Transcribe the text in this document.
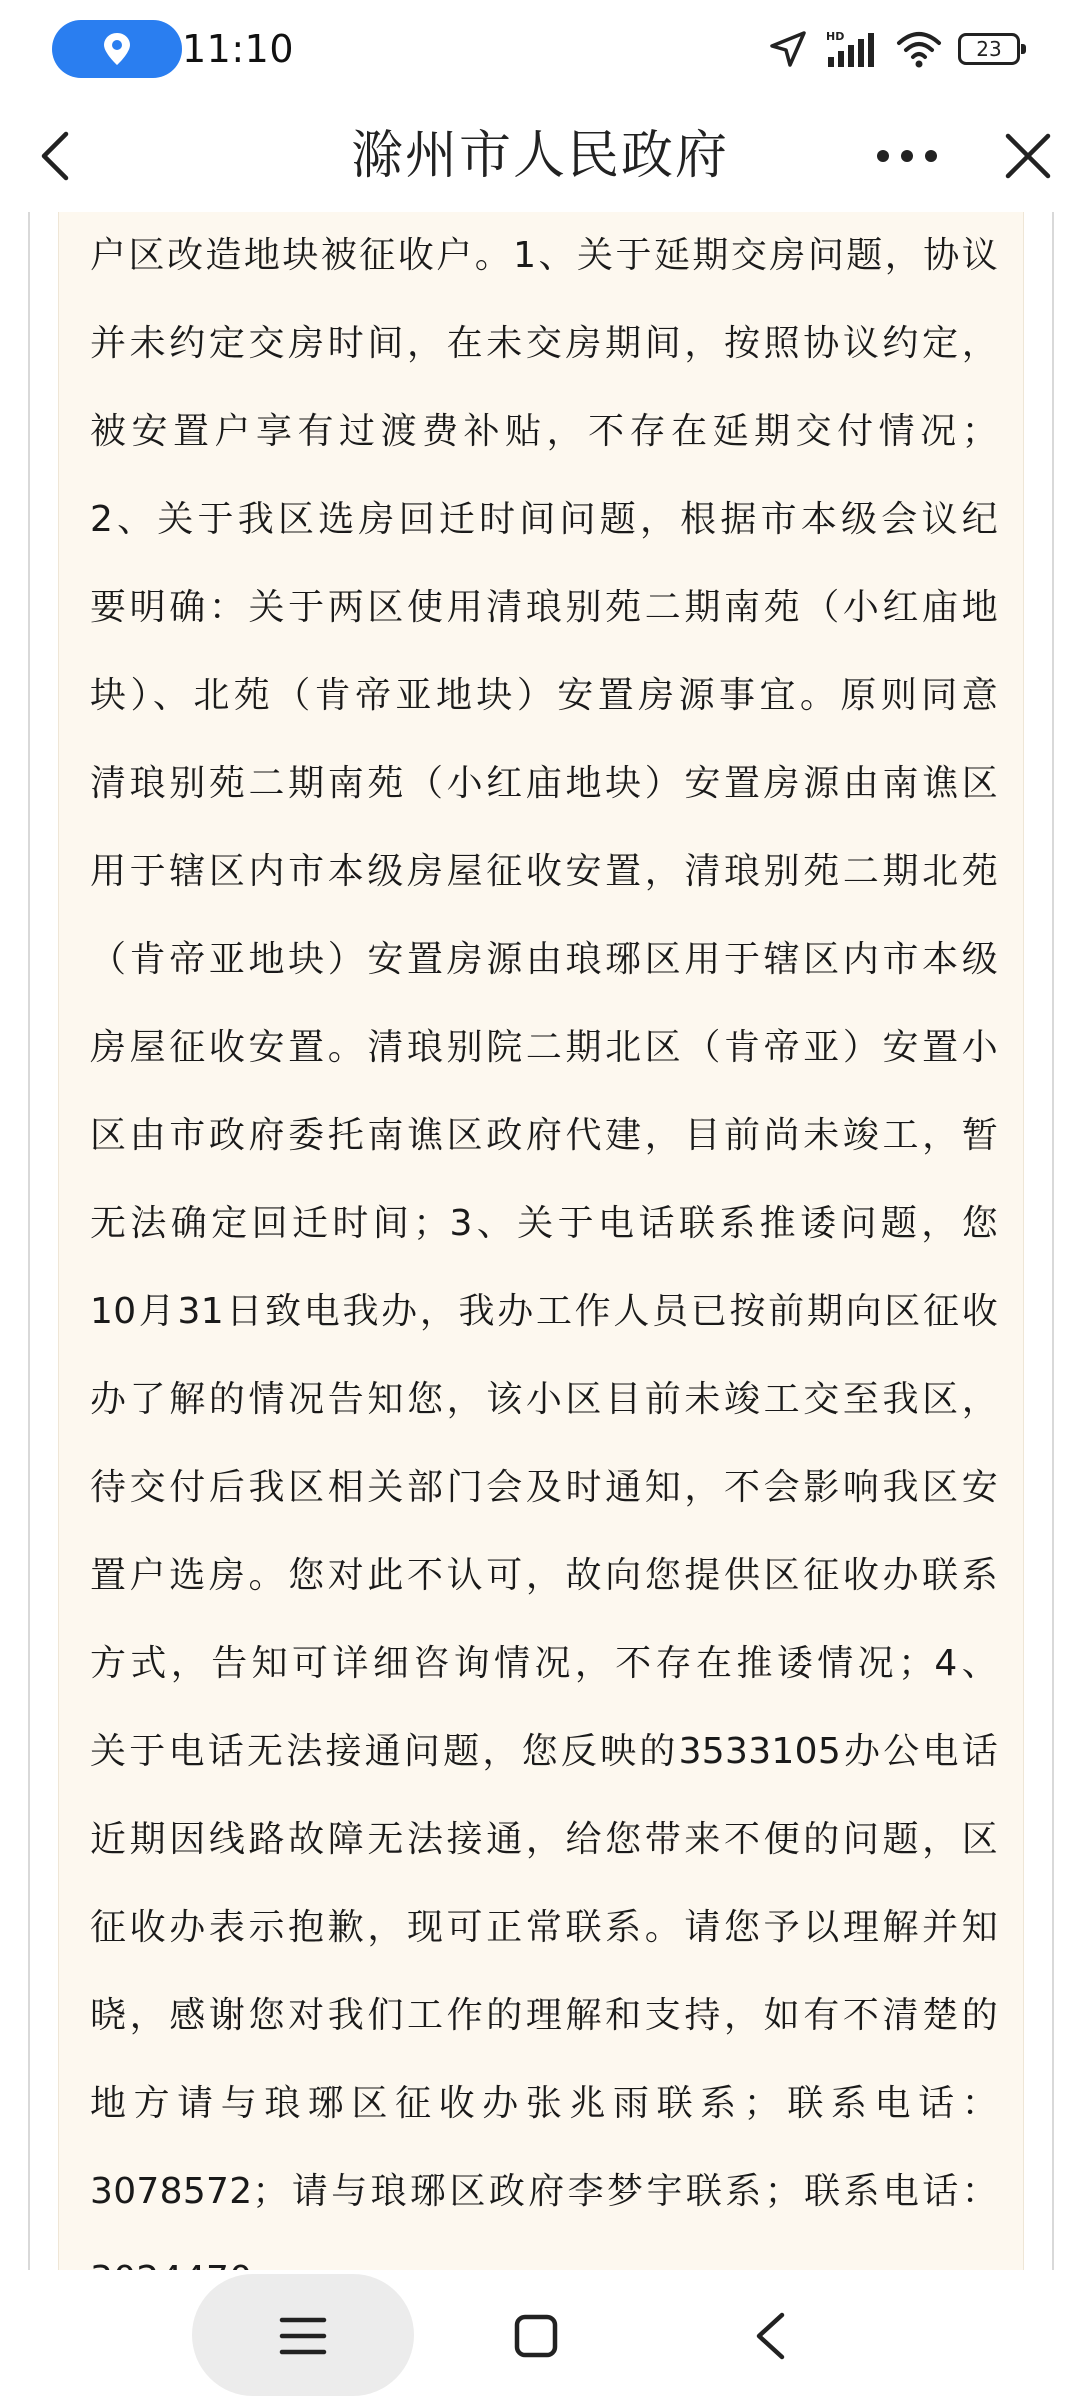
11:10	HD
23
滁州市人民政府
户区改造地块被征收户。1、关于延期交房问题，协议
并未约定交房时间，在未交房期间，按照协议约定，
被安置户享有过渡费补贴，不存在延期交付情况；
2、关于我区选房回迁时间问题，根据市本级会议纪
要明确：关于两区使用清琅别苑二期南苑（小红庙地
块）、北苑（肯帝亚地块）安置房源事宜。原则同意
清琅别苑二期南苑（小红庙地块）安置房源由南谯区
用于辖区内市本级房屋征收安置，清琅别苑二期北苑
（肯帝亚地块）安置房源由琅琊区用于辖区内市本级
房屋征收安置。清琅别院二期北区（肯帝亚）安置小
区由市政府委托南谯区政府代建，目前尚未竣工，暂
无法确定回迁时间；3、关于电话联系推诿问题，您
10月31日致电我办，我办工作人员已按前期向区征收
办了解的情况告知您，该小区目前未竣工交至我区，
待交付后我区相关部门会及时通知，不会影响我区安
置户选房。您对此不认可，故向您提供区征收办联系
方式，告知可详细咨询情况，不存在推诿情况；4、
关于电话无法接通问题，您反映的3533105办公电话
近期因线路故障无法接通，给您带来不便的问题，区
征收办表示抱歉，现可正常联系。请您予以理解并知
晓，感谢您对我们工作的理解和支持，如有不清楚的
地方请与琅琊区征收办张兆雨联系；联系电话：
3078572；请与琅琊区政府李梦宇联系；联系电话：
